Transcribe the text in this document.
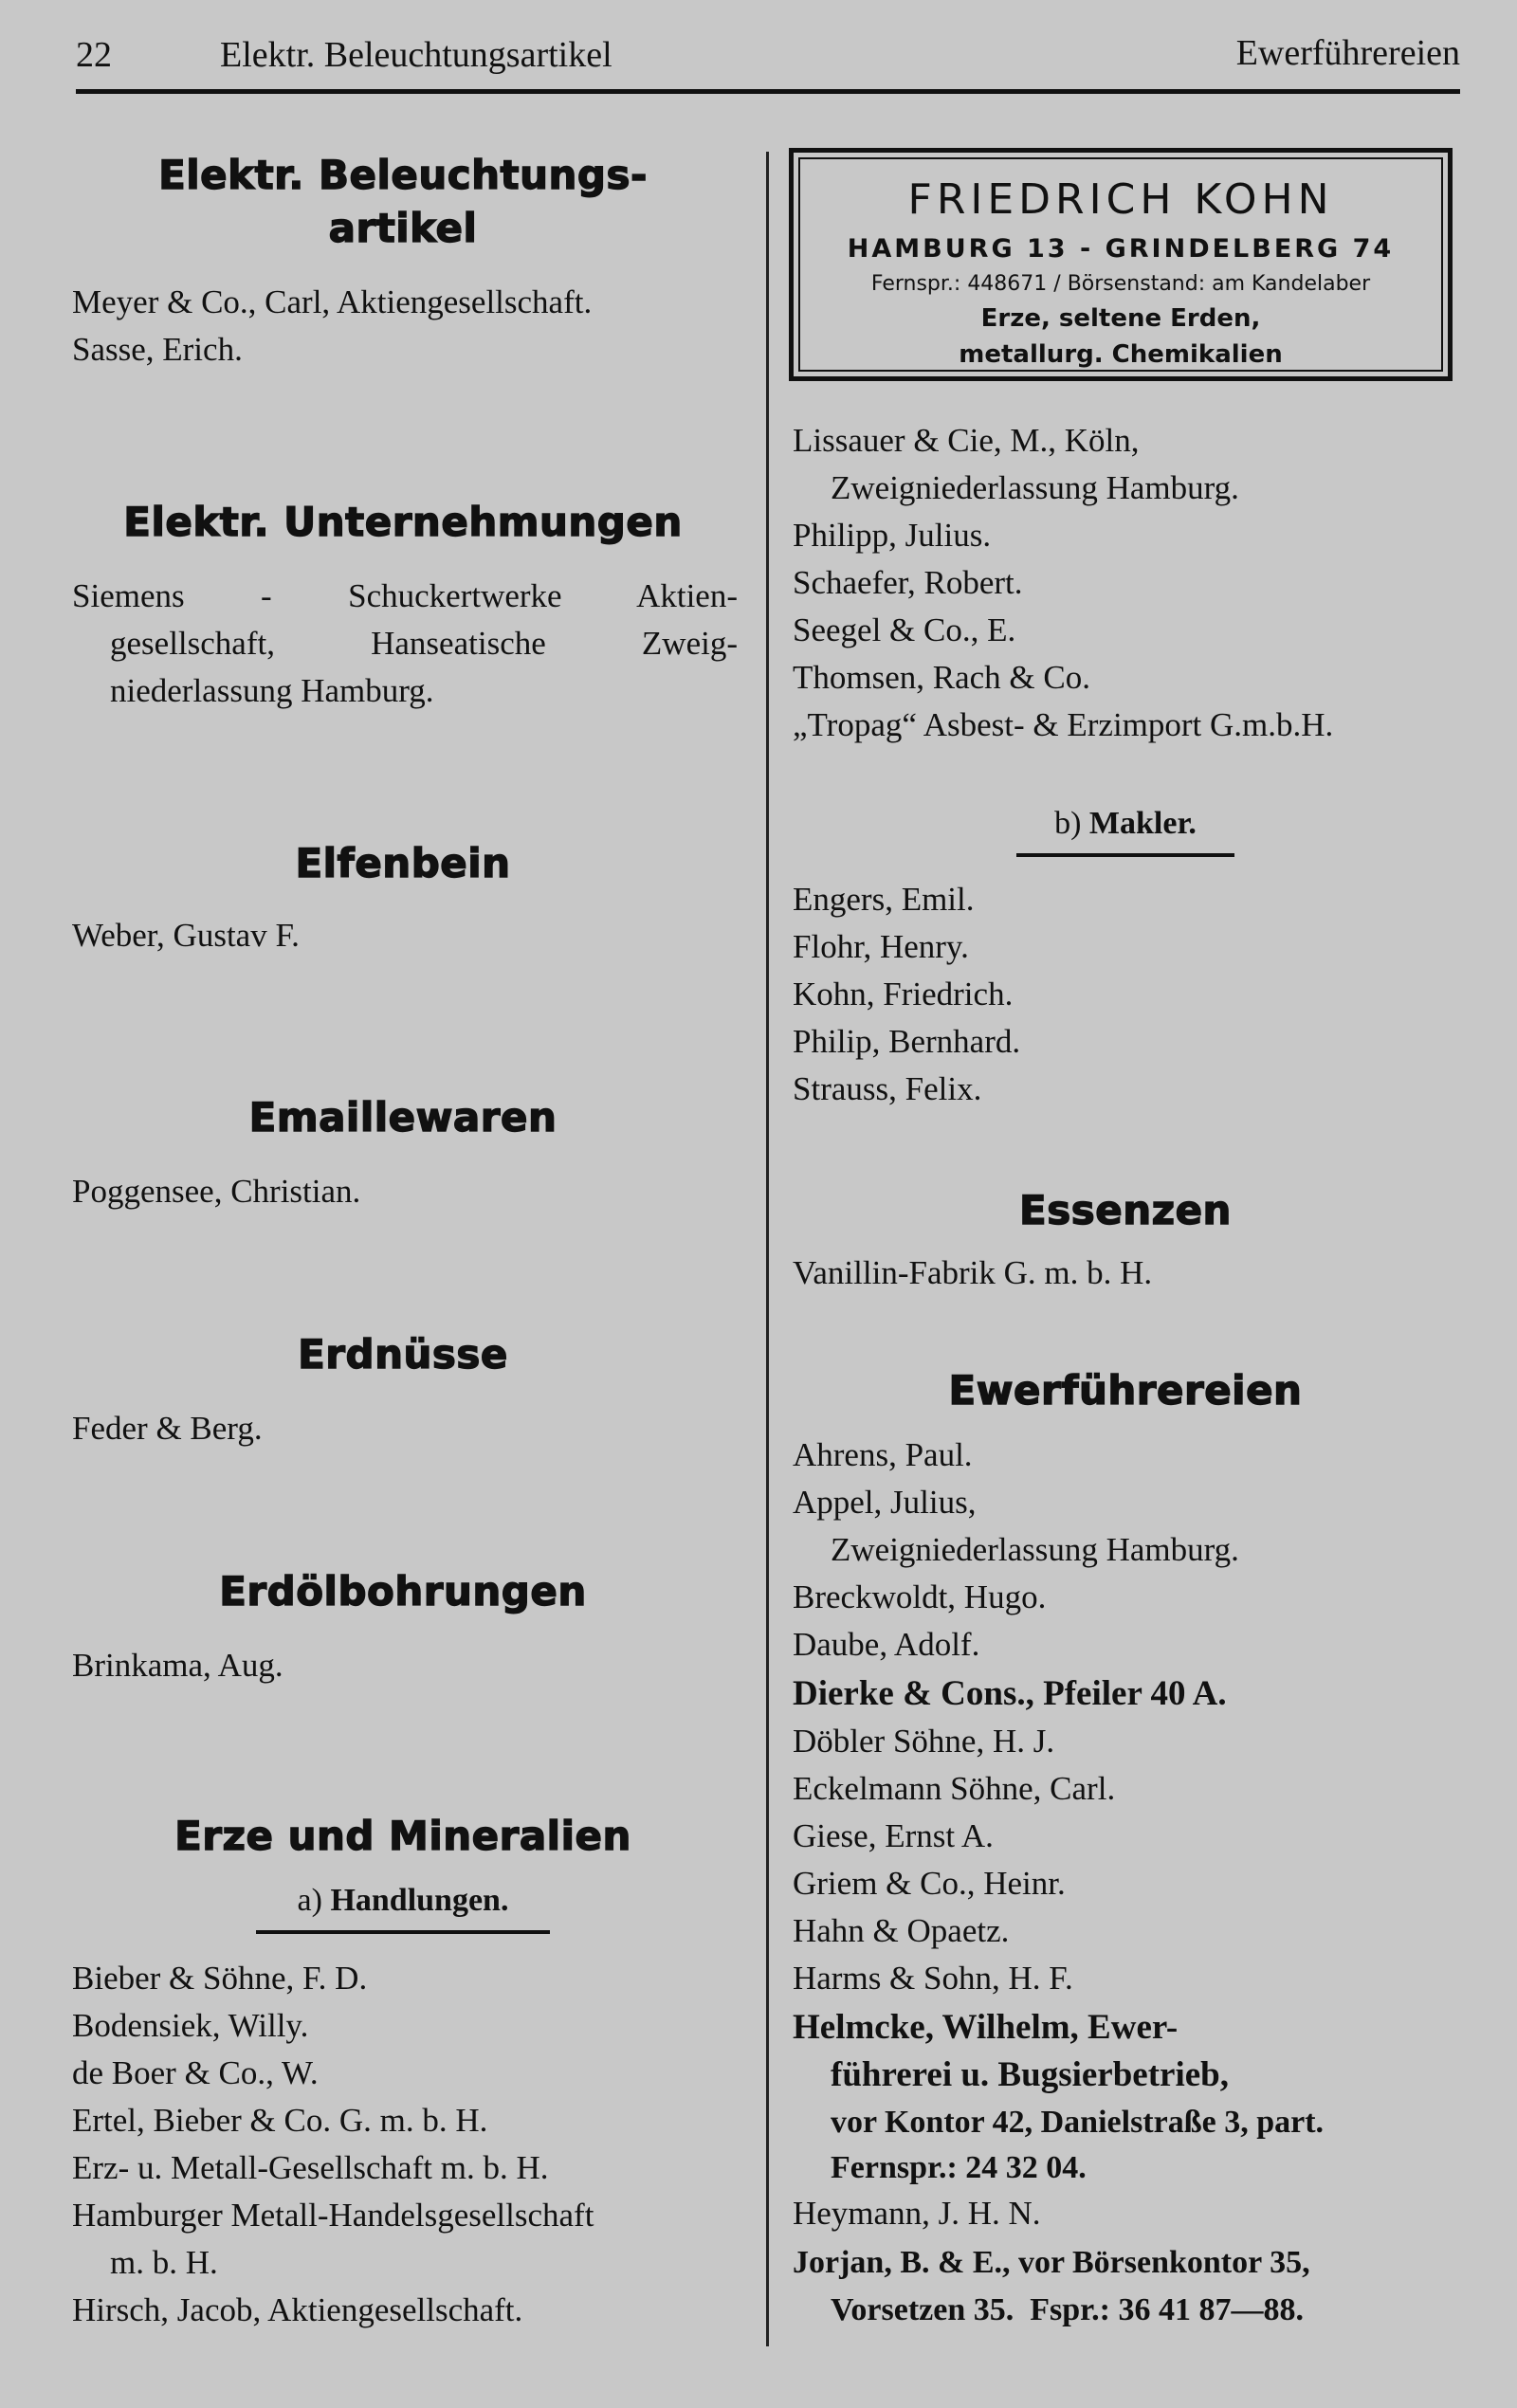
22	Elektr. Beleuchtungsartikel	Ewerführereien
Elektr. Beleuchtungs-
artikel
Meyer & Co., Carl, Aktiengesellschaft.
Sasse, Erich.
Elektr. Unternehmungen
Siemens - Schuckertwerke Aktien-
gesellschaft, Hanseatische Zweig-
niederlassung Hamburg.
Elfenbein
Weber, Gustav F.
Emaillewaren
Poggensee, Christian.
Erdnüsse
Feder & Berg.
Erdölbohrungen
Brinkama, Aug.
Erze und Mineralien
a) Handlungen.
Bieber & Söhne, F. D.
Bodensiek, Willy.
de Boer & Co., W.
Ertel, Bieber & Co. G. m. b. H.
Erz- u. Metall-Gesellschaft m. b. H.
Hamburger Metall-Handelsgesellschaft
m. b. H.
Hirsch, Jacob, Aktiengesellschaft.
FRIEDRICH KOHN
HAMBURG 13 - GRINDELBERG 74
Fernspr.: 448671 / Börsenstand: am Kandelaber
Erze, seltene Erden,
metallurg. Chemikalien
Lissauer & Cie, M., Köln,
Zweigniederlassung Hamburg.
Philipp, Julius.
Schaefer, Robert.
Seegel & Co., E.
Thomsen, Rach & Co.
„Tropag“ Asbest- & Erzimport G.m.b.H.
b) Makler.
Engers, Emil.
Flohr, Henry.
Kohn, Friedrich.
Philip, Bernhard.
Strauss, Felix.
Essenzen
Vanillin-Fabrik G. m. b. H.
Ewerführereien
Ahrens, Paul.
Appel, Julius,
Zweigniederlassung Hamburg.
Breckwoldt, Hugo.
Daube, Adolf.
Dierke & Cons., Pfeiler 40 A.
Döbler Söhne, H. J.
Eckelmann Söhne, Carl.
Giese, Ernst A.
Griem & Co., Heinr.
Hahn & Opaetz.
Harms & Sohn, H. F.
Helmcke, Wilhelm, Ewer-
führerei u. Bugsierbetrieb,
vor Kontor 42, Danielstraße 3, part.
Fernspr.: 24 32 04.
Heymann, J. H. N.
Jorjan, B. & E., vor Börsenkontor 35,
Vorsetzen 35.  Fspr.: 36 41 87—88.
